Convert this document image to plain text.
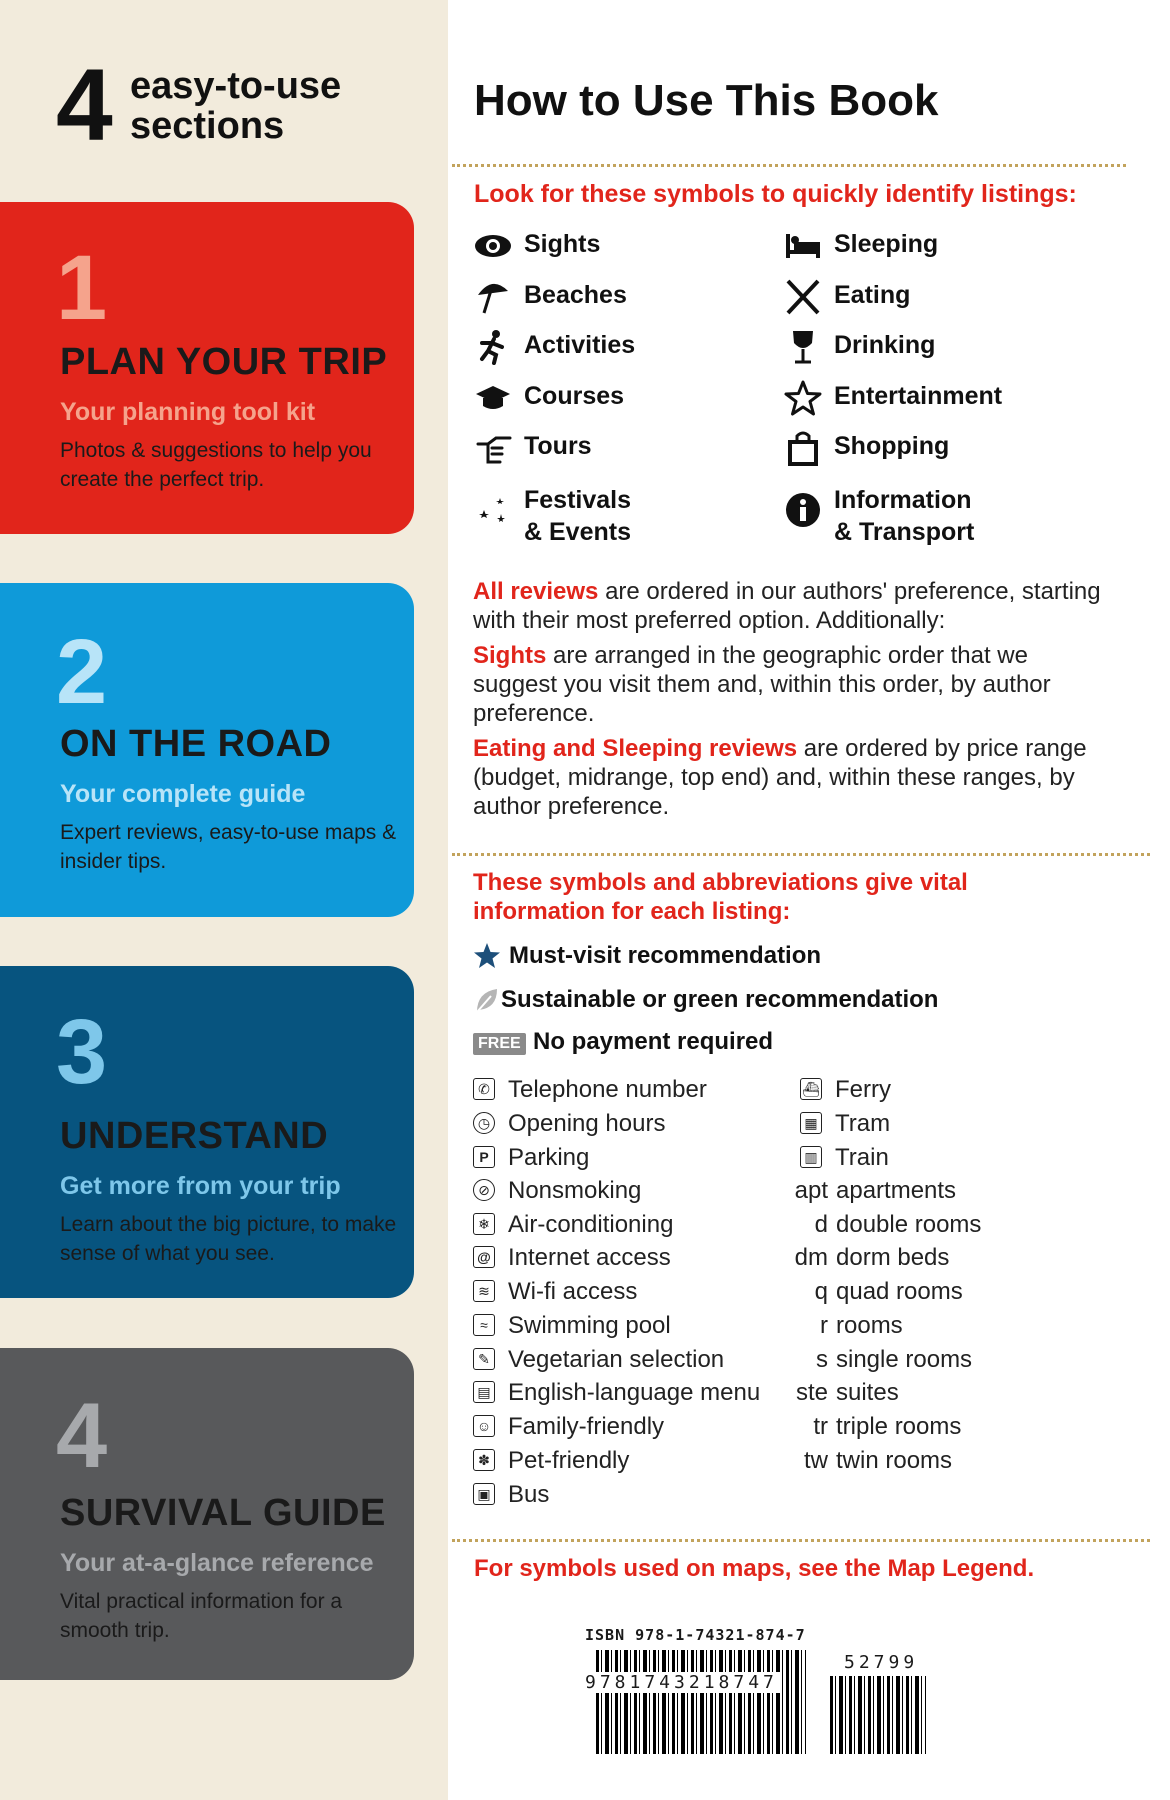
4 easy-to-use
sections
1
PLAN YOUR TRIP
Your planning tool kit
Photos & suggestions to help you create the perfect trip.
2
ON THE ROAD
Your complete guide
Expert reviews, easy-to-use maps & insider tips.
3
UNDERSTAND
Get more from your trip
Learn about the big picture, to make sense of what you see.
4
SURVIVAL GUIDE
Your at-a-glance reference
Vital practical information for a smooth trip.
How to Use This Book
Look for these symbols to quickly identify listings:
Sights
Beaches
Activities
Courses
Tours
Festivals
& Events
Sleeping
Eating
Drinking
Entertainment
Shopping
Information
& Transport
All reviews are ordered in our authors' preference, starting with their most preferred option. Additionally:
Sights are arranged in the geographic order that we suggest you visit them and, within this order, by author preference.
Eating and Sleeping reviews are ordered by price range (budget, midrange, top end) and, within these ranges, by author preference.
These symbols and abbreviations give vital
information for each listing:
Must-visit recommendation
Sustainable or green recommendation
FREE No payment required
✆ Telephone number
◷ Opening hours
P Parking
⊘ Nonsmoking
❄ Air-conditioning
@ Internet access
≋ Wi-fi access
≈ Swimming pool
✎ Vegetarian selection
▤ English-language menu
☺ Family-friendly
✽ Pet-friendly
▣ Bus
⛴ Ferry
▦ Tram
▥ Train
apt apartments
d double rooms
dm dorm beds
q quad rooms
r rooms
s single rooms
ste suites
tr triple rooms
tw twin rooms
For symbols used on maps, see the Map Legend.
ISBN 978-1-74321-874-7
9781743218747
52799
